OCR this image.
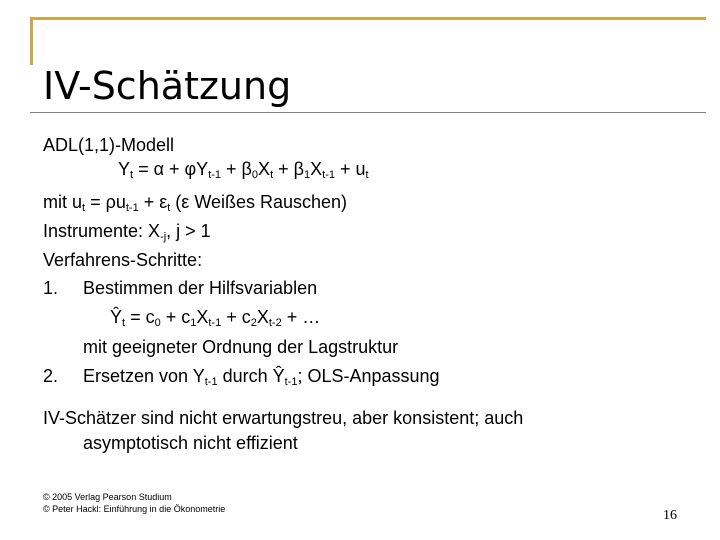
IV-Schätzung
ADL(1,1)-Modell
$Y_t = \alpha + \varphi Y_{t-1} + \beta_0X_t + \beta_1X_{t-1} + u_t$
mit $u_t = \rho u_{t-1} + \varepsilon_t$ (ε Weißes Rauschen)
Instrumente: $X_{-j}$, j > 1
Verfahrens-Schritte:
1. Bestimmen der Hilfsvariablen
$Ŷ_t = c_0 + c_1X_{t-1} + c_2X_{t-2}$ + …
mit geeigneter Ordnung der Lagstruktur
2. Ersetzen von $Y_{t-1}$ durch $Ŷ_{t-1}$; OLS-Anpassung
IV-Schätzer sind nicht erwartungstreu, aber konsistent; auch
asymptotisch nicht effizient
© 2005 Verlag Pearson Studium
© Peter Hackl: Einführung in die Ökonometrie	16
